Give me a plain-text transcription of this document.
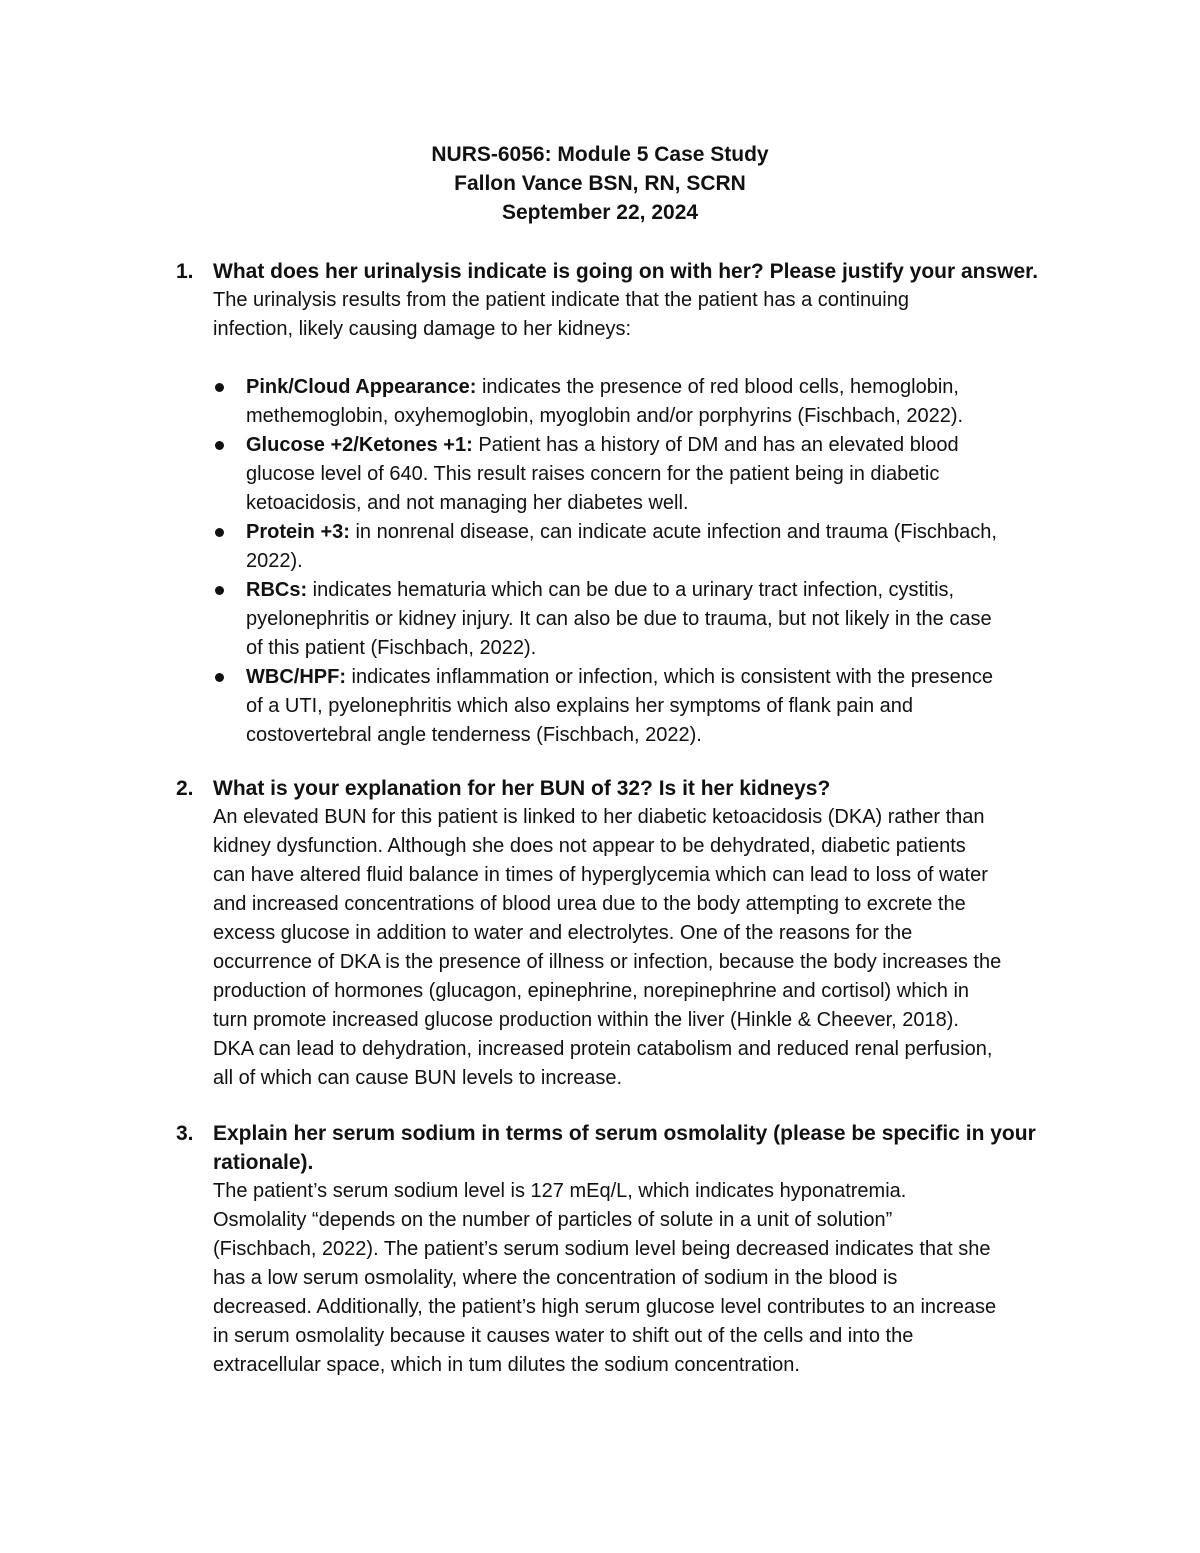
NURS-6056: Module 5 Case Study
Fallon Vance BSN, RN, SCRN
September 22, 2024
1. What does her urinalysis indicate is going on with her? Please justify your answer.
The urinalysis results from the patient indicate that the patient has a continuing
infection, likely causing damage to her kidneys:
Pink/Cloud Appearance: indicates the presence of red blood cells, hemoglobin,
methemoglobin, oxyhemoglobin, myoglobin and/or porphyrins (Fischbach, 2022).
Glucose +2/Ketones +1: Patient has a history of DM and has an elevated blood
glucose level of 640. This result raises concern for the patient being in diabetic
ketoacidosis, and not managing her diabetes well.
Protein +3: in nonrenal disease, can indicate acute infection and trauma (Fischbach,
2022).
RBCs: indicates hematuria which can be due to a urinary tract infection, cystitis,
pyelonephritis or kidney injury. It can also be due to trauma, but not likely in the case
of this patient (Fischbach, 2022).
WBC/HPF: indicates inflammation or infection, which is consistent with the presence
of a UTI, pyelonephritis which also explains her symptoms of flank pain and
costovertebral angle tenderness (Fischbach, 2022).
2. What is your explanation for her BUN of 32? Is it her kidneys?
An elevated BUN for this patient is linked to her diabetic ketoacidosis (DKA) rather than
kidney dysfunction. Although she does not appear to be dehydrated, diabetic patients
can have altered fluid balance in times of hyperglycemia which can lead to loss of water
and increased concentrations of blood urea due to the body attempting to excrete the
excess glucose in addition to water and electrolytes. One of the reasons for the
occurrence of DKA is the presence of illness or infection, because the body increases the
production of hormones (glucagon, epinephrine, norepinephrine and cortisol) which in
turn promote increased glucose production within the liver (Hinkle & Cheever, 2018).
DKA can lead to dehydration, increased protein catabolism and reduced renal perfusion,
all of which can cause BUN levels to increase.
3. Explain her serum sodium in terms of serum osmolality (please be specific in your
rationale).
The patient’s serum sodium level is 127 mEq/L, which indicates hyponatremia.
Osmolality “depends on the number of particles of solute in a unit of solution”
(Fischbach, 2022). The patient’s serum sodium level being decreased indicates that she
has a low serum osmolality, where the concentration of sodium in the blood is
decreased. Additionally, the patient’s high serum glucose level contributes to an increase
in serum osmolality because it causes water to shift out of the cells and into the
extracellular space, which in tum dilutes the sodium concentration.
